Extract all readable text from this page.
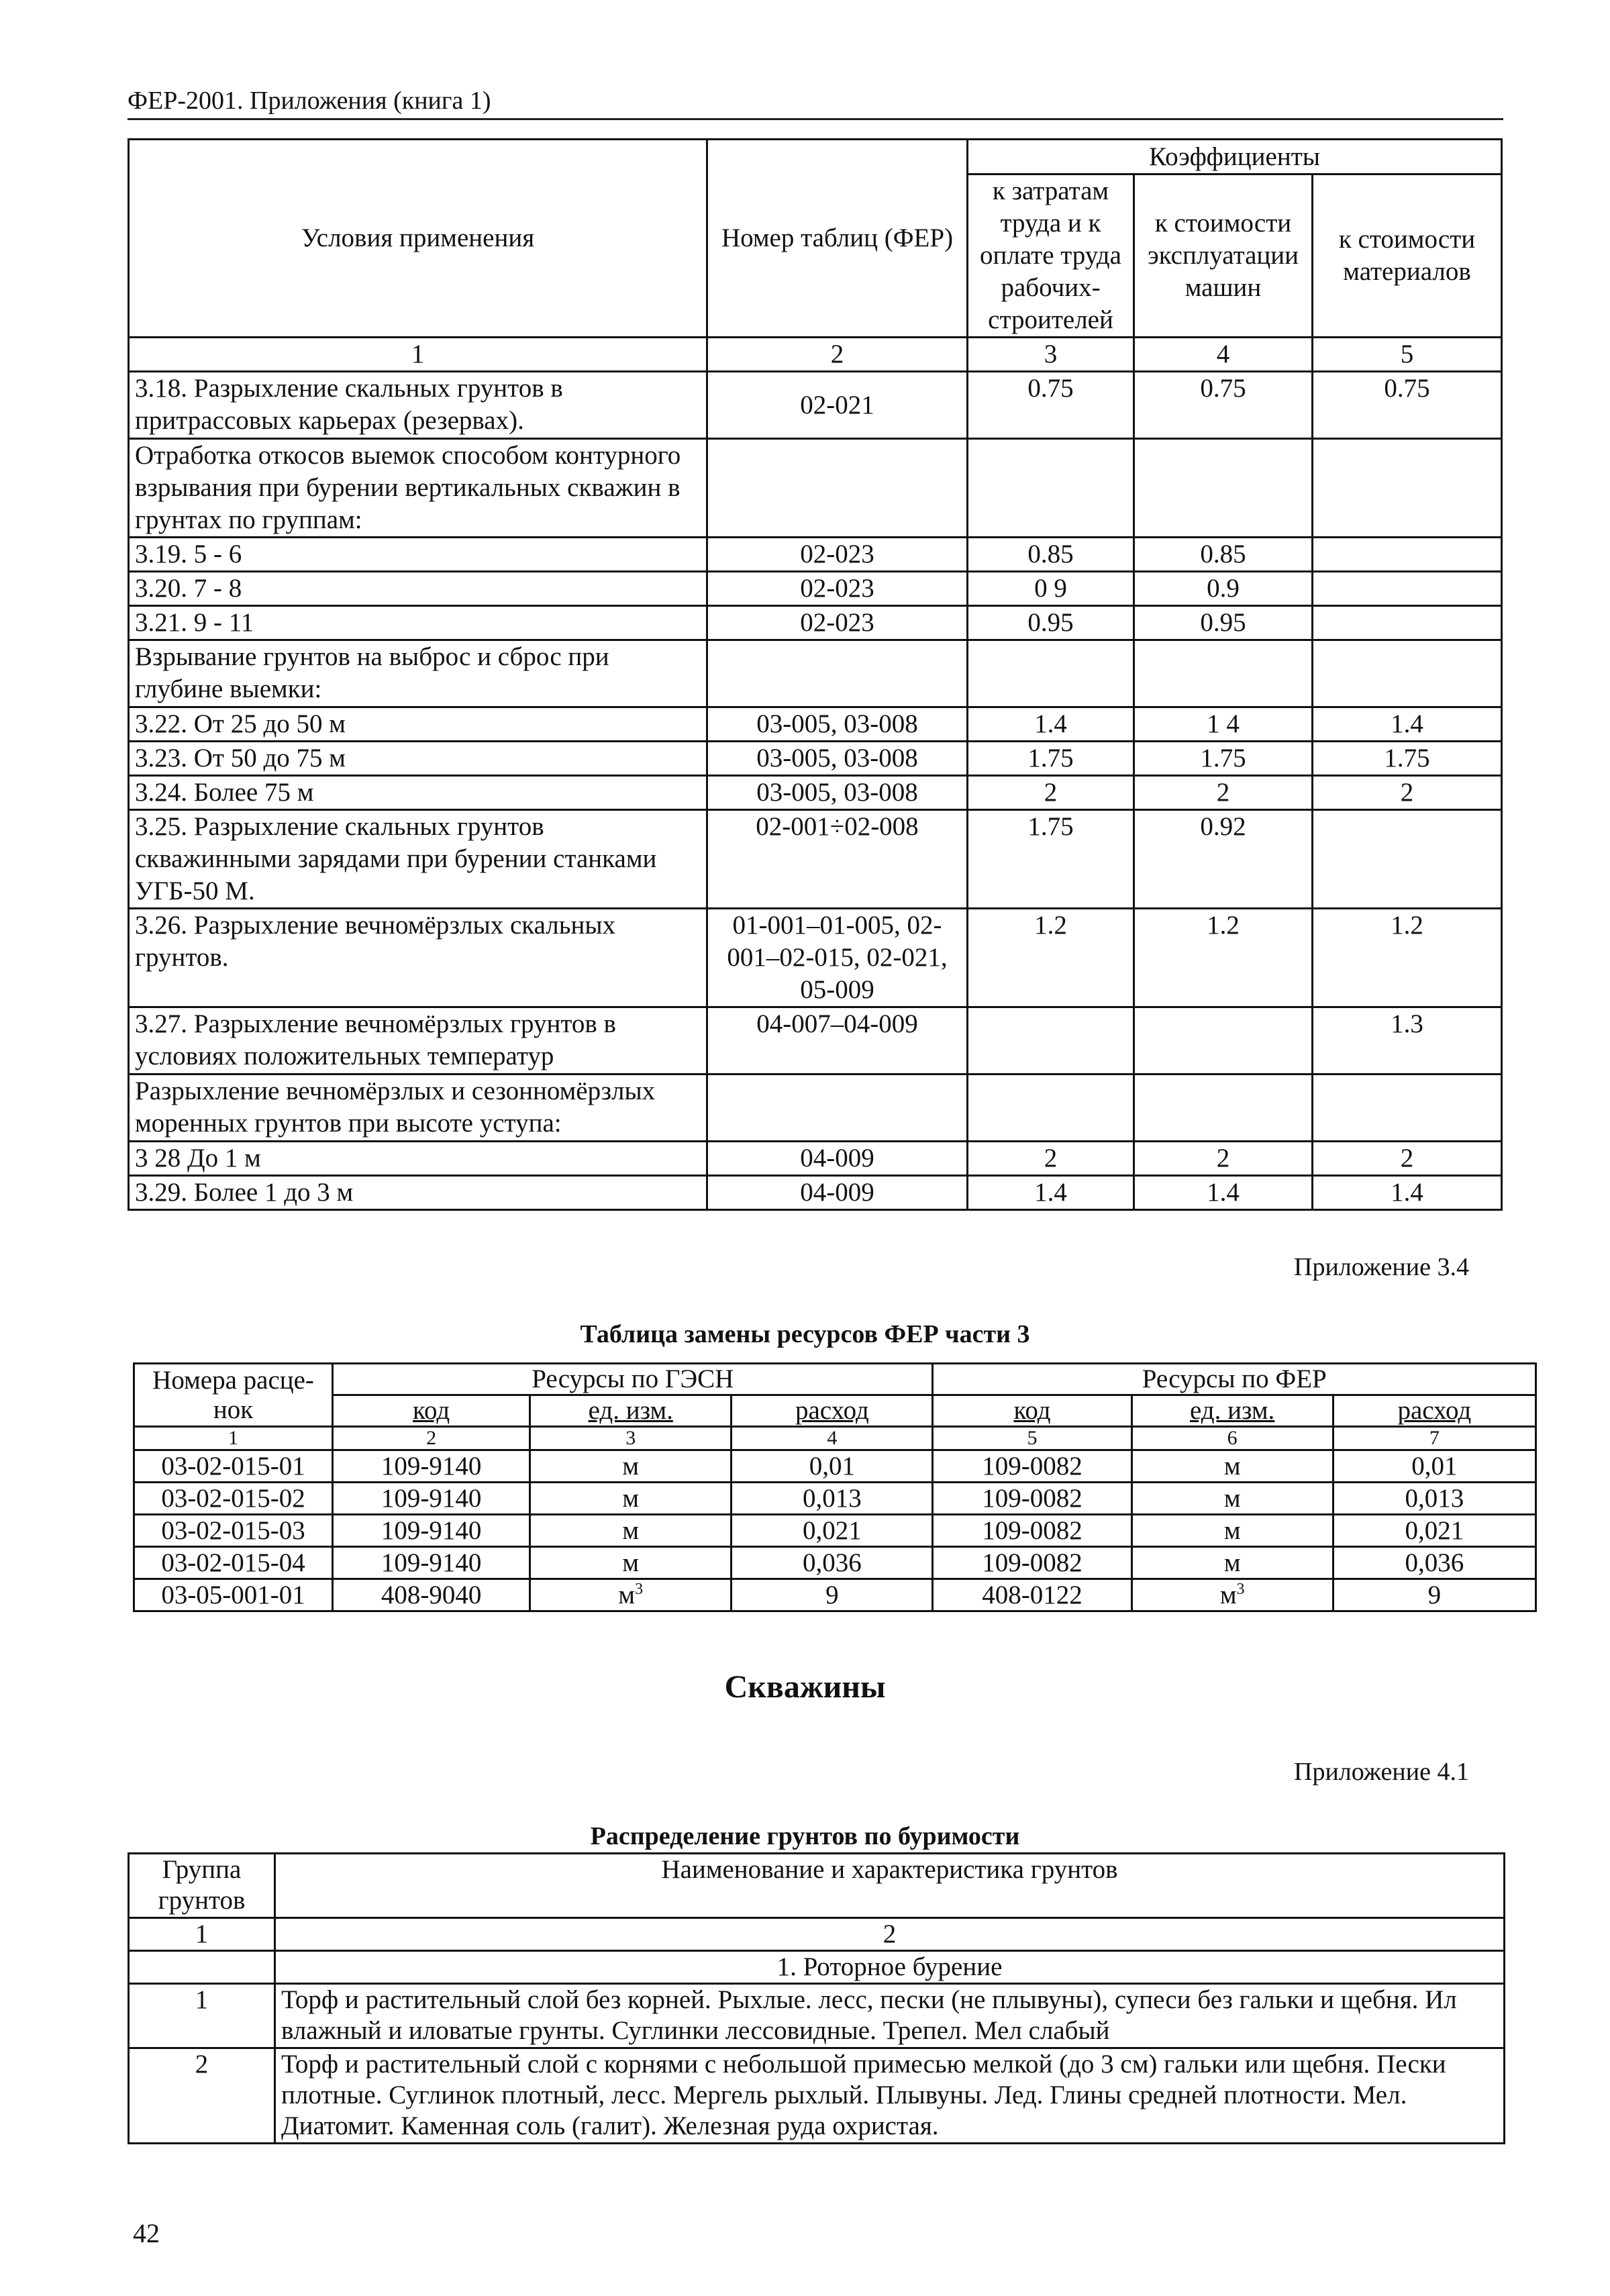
ФЕР-2001. Приложения (книга 1)
Условия применения	Номер таблиц (ФЕР)	Коэффициенты		
		к затратам труда и к оплате труда рабочих-строителей	к стоимости эксплуатации машин	к стоимости материалов
1	2	3	4	5
3.18. Разрыхление скальных грунтов в притрассовых карьерах (резервах).	02-021	0.75	0.75	0.75
Отработка откосов выемок способом контурного взрывания при бурении вертикальных скважин в грунтах по группам:				
3.19. 5 - 6	02-023	0.85	0.85	
3.20. 7 - 8	02-023	0 9	0.9	
3.21. 9 - 11	02-023	0.95	0.95	
Взрывание грунтов на выброс и сброс при глубине выемки:				
3.22. От 25 до 50 м	03-005, 03-008	1.4	1 4	1.4
3.23. От 50 до 75 м	03-005, 03-008	1.75	1.75	1.75
3.24. Более 75 м	03-005, 03-008	2	2	2
3.25. Разрыхление скальных грунтов скважинными зарядами при бурении станками УГБ-50 М.	02-001÷02-008	1.75	0.92	
3.26. Разрыхление вечномёрзлых скальных грунтов.	01-001–01-005, 02-001–02-015, 02-021, 05-009	1.2	1.2	1.2
3.27. Разрыхление вечномёрзлых грунтов в условиях положительных температур	04-007–04-009			1.3
Разрыхление вечномёрзлых и сезонномёрзлых моренных грунтов при высоте уступа:				
3 28 До 1 м	04-009	2	2	2
3.29. Более 1 до 3 м	04-009	1.4	1.4	1.4
Приложение 3.4
Таблица замены ресурсов ФЕР части 3
Номера расце-нок	Ресурсы по ГЭСН			Ресурсы по ФЕР		
	код	ед. изм.	расход	код	ед. изм.	расход
1	2	3	4	5	6	7
03-02-015-01	109-9140	м	0,01	109-0082	м	0,01
03-02-015-02	109-9140	м	0,013	109-0082	м	0,013
03-02-015-03	109-9140	м	0,021	109-0082	м	0,021
03-02-015-04	109-9140	м	0,036	109-0082	м	0,036
03-05-001-01	408-9040	$м^3$	9	408-0122	$м^3$	9
Скважины
Приложение 4.1
Распределение грунтов по буримости
Группа грунтов	Наименование и характеристика грунтов
1	2
	1. Роторное бурение
1	Торф и растительный слой без корней. Рыхлые. лесс, пески (не плывуны), супеси без гальки и щебня. Ил влажный и иловатые грунты. Суглинки лессовидные. Трепел. Мел слабый
2	Торф и растительный слой с корнями с небольшой примесью мелкой (до 3 см) гальки или щебня. Пески плотные. Суглинок плотный, лесс. Мергель рыхлый. Плывуны. Лед. Глины средней плотности. Мел. Диатомит. Каменная соль (галит). Железная руда охристая.
42
